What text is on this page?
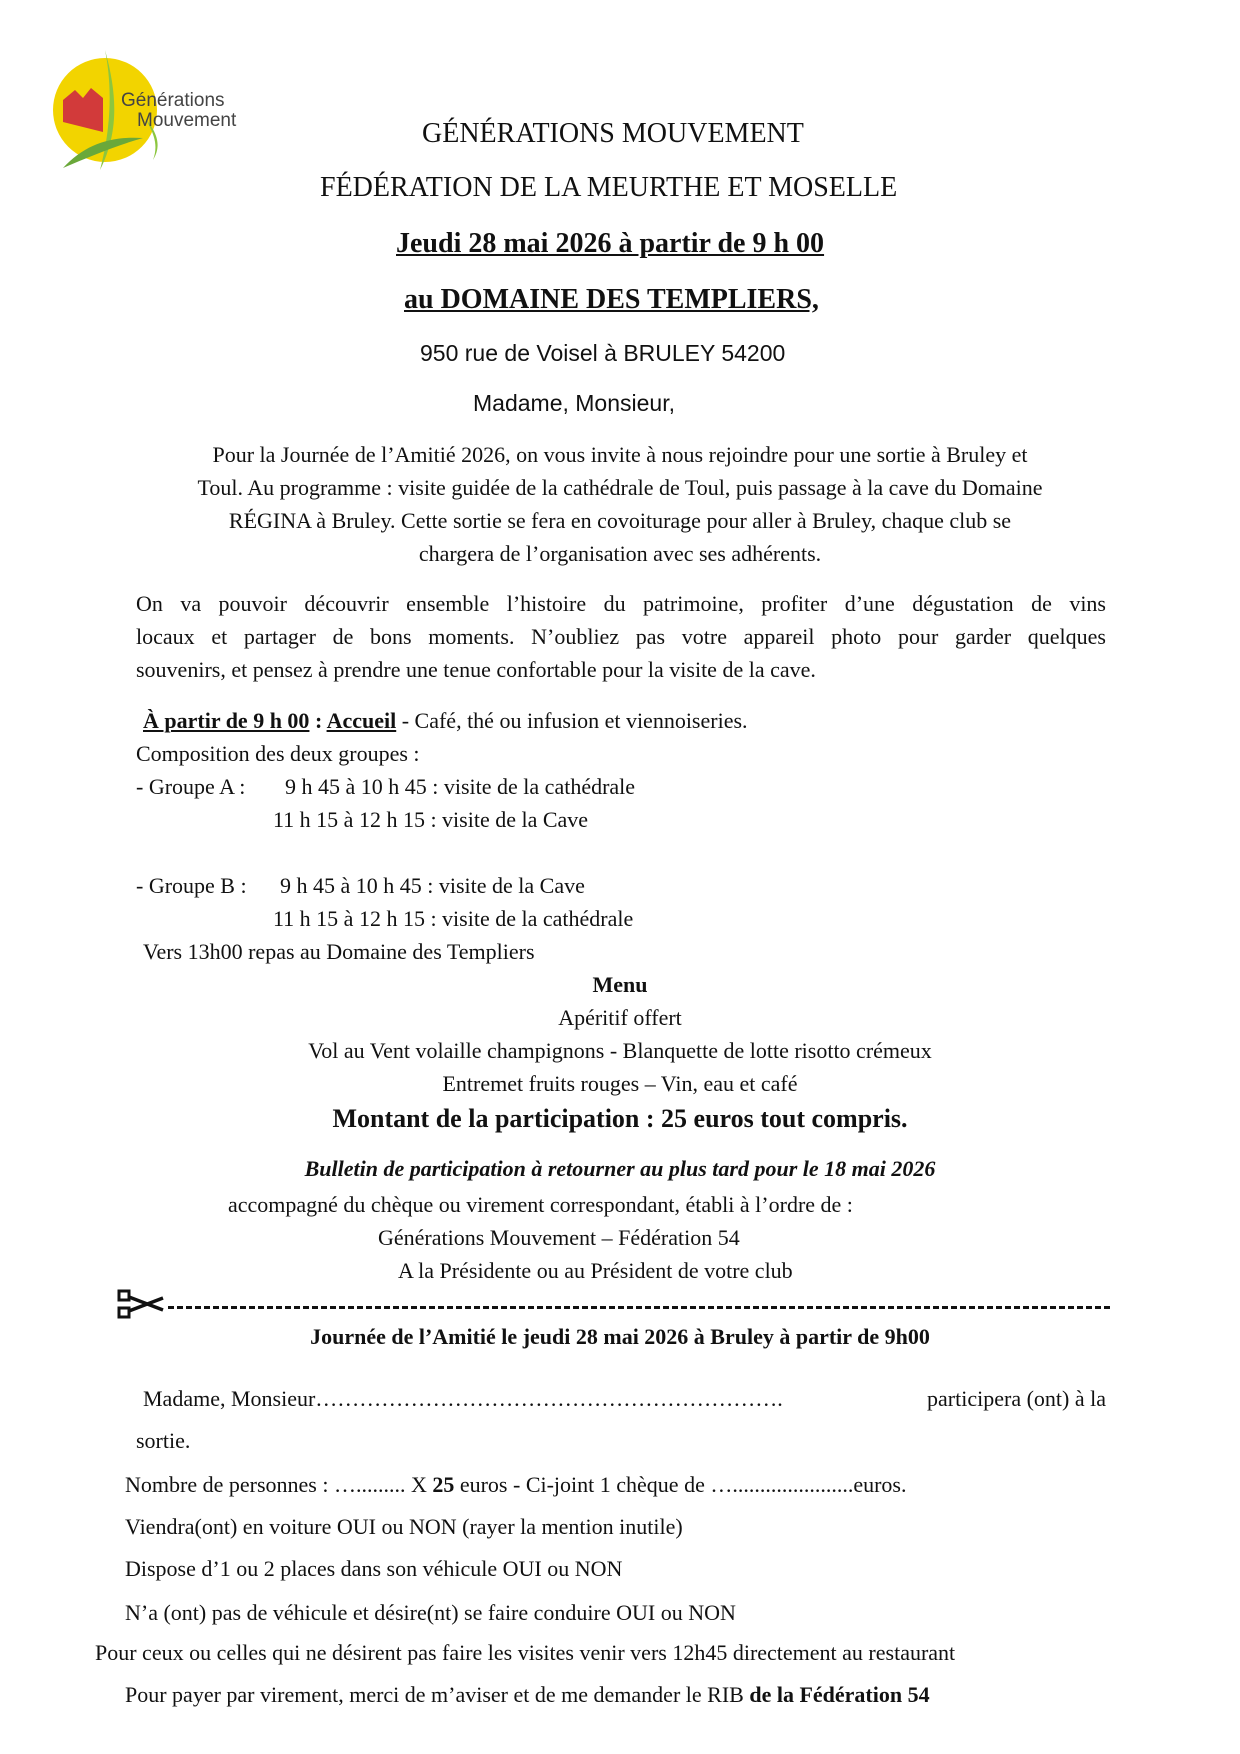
Générations
Mouvement	GÉNÉRATIONS MOUVEMENT
FÉDÉRATION DE LA MEURTHE ET MOSELLE
Jeudi 28 mai 2026 à partir de 9 h 00
au DOMAINE DES TEMPLIERS,
950 rue de Voisel à BRULEY 54200
Madame, Monsieur,
Pour la Journée de l’Amitié 2026, on vous invite à nous rejoindre pour une sortie à Bruley et
Toul. Au programme : visite guidée de la cathédrale de Toul, puis passage à la cave du Domaine
RÉGINA à Bruley. Cette sortie se fera en covoiturage pour aller à Bruley, chaque club se
chargera de l’organisation avec ses adhérents.

On va pouvoir découvrir ensemble l’histoire du patrimoine, profiter d’une dégustation de vins

locaux et partager de bons moments. N’oubliez pas votre appareil photo pour garder quelques

souvenirs, et pensez à prendre une tenue confortable pour la visite de la cave.

À partir de 9 h 00 : Accueil - Café, thé ou infusion et viennoiseries.
Composition des deux groupes :
- Groupe A : 9 h 45 à 10 h 45 : visite de la cathédrale
11 h 15 à 12 h 15 : visite de la Cave
- Groupe B : 9 h 45 à 10 h 45 : visite de la Cave
11 h 15 à 12 h 15 : visite de la cathédrale
Vers 13h00 repas au Domaine des Templiers
Menu
Apéritif offert
Vol au Vent volaille champignons - Blanquette de lotte risotto crémeux
Entremet fruits rouges – Vin, eau et café
Montant de la participation : 25 euros tout compris.
Bulletin de participation à retourner au plus tard pour le 18 mai 2026
accompagné du chèque ou virement correspondant, établi à l’ordre de :
Générations Mouvement – Fédération 54
A la Présidente ou au Président de votre club
Journée de l’Amitié le jeudi 28 mai 2026 à Bruley à partir de 9h00
Madame, Monsieur……………………………………………………….	participera (ont) à la
sortie.
Nombre de personnes : …......... X 25 euros - Ci-joint 1 chèque de …......................euros.
Viendra(ont) en voiture OUI ou NON (rayer la mention inutile)
Dispose d’1 ou 2 places dans son véhicule OUI ou NON
N’a (ont) pas de véhicule et désire(nt) se faire conduire OUI ou NON
Pour ceux ou celles qui ne désirent pas faire les visites venir vers 12h45 directement au restaurant
Pour payer par virement, merci de m’aviser et de me demander le RIB de la Fédération 54
